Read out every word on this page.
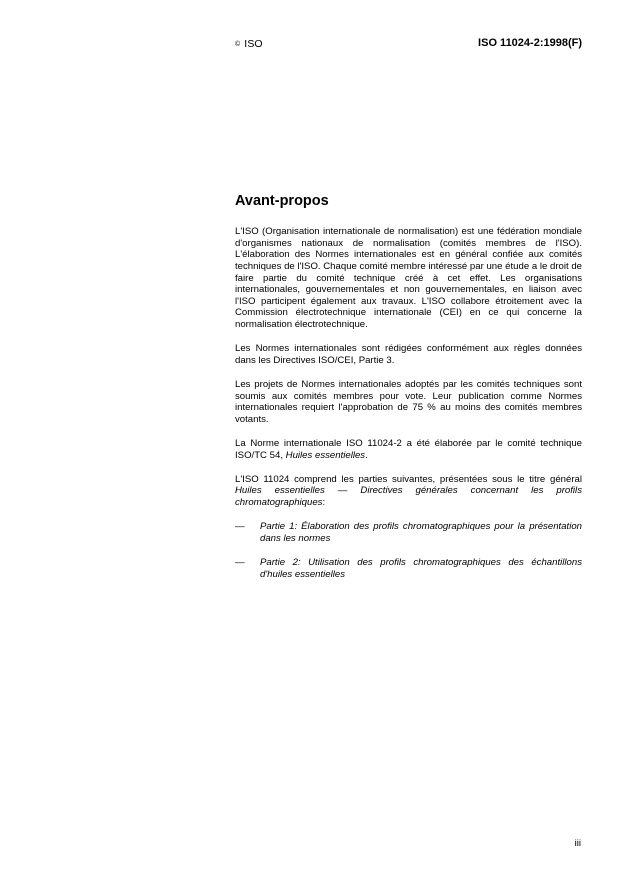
© ISO	ISO 11024-2:1998(F)
Avant-propos

L'ISO (Organisation internationale de normalisation) est une fédération mondiale d'organismes nationaux de normalisation (comités membres de l'ISO). L'élaboration des Normes internationales est en général confiée aux comités techniques de l'ISO. Chaque comité membre intéressé par une étude a le droit de faire partie du comité technique créé à cet effet. Les organisations internationales, gouvernementales et non gouvernementales, en liaison avec l'ISO participent également aux travaux. L'ISO collabore étroitement avec la Commission électrotechnique internationale (CEI) en ce qui concerne la normalisation électrotechnique.

Les Normes internationales sont rédigées conformément aux règles données dans les Directives ISO/CEI, Partie 3.

Les projets de Normes internationales adoptés par les comités techniques sont soumis aux comités membres pour vote. Leur publication comme Normes internationales requiert l'approbation de 75 % au moins des comités membres votants.

La Norme internationale ISO 11024-2 a été élaborée par le comité technique ISO/TC 54, Huiles essentielles.

L'ISO 11024 comprend les parties suivantes, présentées sous le titre général Huiles essentielles — Directives générales concernant les profils chromatographiques:

—	Partie 1: Élaboration des profils chromatographiques pour la présentation dans les normes
—	Partie 2: Utilisation des profils chromatographiques des échantillons d'huiles essentielles
iii
